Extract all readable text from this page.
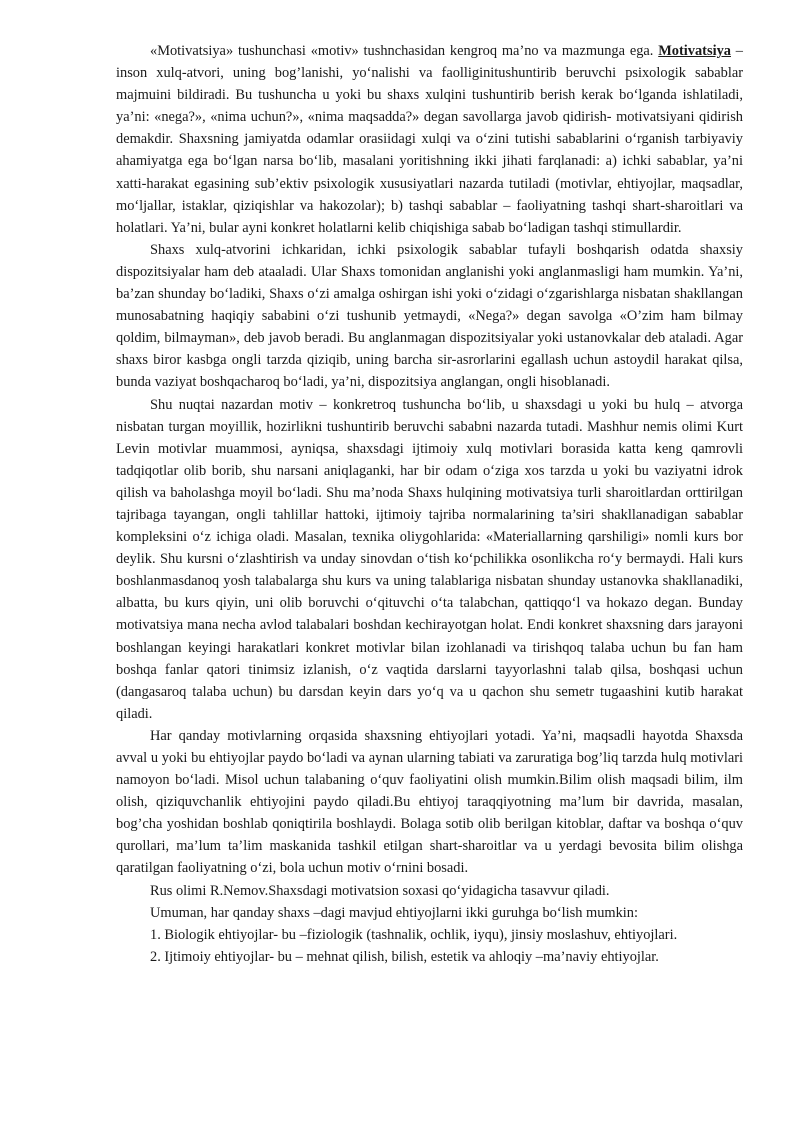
«Motivatsiya» tushunchasi «motiv» tushnchasidan kengroq ma’no va mazmunga ega. Motivatsiya – inson xulq-atvori, uning bog’lanishi, yo‘nalishi va faolliginitushuntirib beruvchi psixologik sabablar majmuini bildiradi. Bu tushuncha u yoki bu shaxs xulqini tushuntirib berish kerak bo‘lganda ishlatiladi, ya’ni: «nega?», «nima uchun?», «nima maqsadda?» degan savollarga javob qidirish- motivatsiyani qidirish demakdir. Shaxsning jamiyatda odamlar orasiidagi xulqi va o‘zini tutishi sabablarini o‘rganish tarbiyaviy ahamiyatga ega bo‘lgan narsa bo‘lib, masalani yoritishning ikki jihati farqlanadi: a) ichki sabablar, ya’ni xatti-harakat egasining sub’ektiv psixologik xususiyatlari nazarda tutiladi (motivlar, ehtiyojlar, maqsadlar, mo‘ljallar, istaklar, qiziqishlar va hakozolar); b) tashqi sabablar – faoliyatning tashqi shart-sharoitlari va holatlari. Ya’ni, bular ayni konkret holatlarni kelib chiqishiga sabab bo‘ladigan tashqi stimullardir.

Shaxs xulq-atvorini ichkaridan, ichki psixologik sabablar tufayli boshqarish odatda shaxsiy dispozitsiyalar ham deb ataaladi. Ular Shaxs tomonidan anglanishi yoki anglanmasligi ham mumkin. Ya’ni, ba’zan shunday bo‘ladiki, Shaxs o‘zi amalga oshirgan ishi yoki o‘zidagi o‘zgarishlarga nisbatan shakllangan munosabatning haqiqiy sababini o‘zi tushunib yetmaydi, «Nega?» degan savolga «O’zim ham bilmay qoldim, bilmayman», deb javob beradi. Bu anglanmagan dispozitsiyalar yoki ustanovkalar deb ataladi. Agar shaxs biror kasbga ongli tarzda qiziqib, uning barcha sir-asrorlarini egallash uchun astoydil harakat qilsa, bunda vaziyat boshqacharoq bo‘ladi, ya’ni, dispozitsiya anglangan, ongli hisoblanadi.

Shu nuqtai nazardan motiv – konkretroq tushuncha bo‘lib, u shaxsdagi u yoki bu hulq – atvorga nisbatan turgan moyillik, hozirlikni tushuntirib beruvchi sababni nazarda tutadi. Mashhur nemis olimi Kurt Levin motivlar muammosi, ayniqsa, shaxsdagi ijtimoiy xulq motivlari borasida katta keng qamrovli tadqiqotlar olib borib, shu narsani aniqlaganki, har bir odam o‘ziga xos tarzda u yoki bu vaziyatni idrok qilish va baholashga moyil bo‘ladi. Shu ma’noda Shaxs hulqining motivatsiya turli sharoitlardan orttirilgan tajribaga tayangan, ongli tahlillar hattoki, ijtimoiy tajriba normalarining ta’siri shakllanadigan sabablar kompleksini o‘z ichiga oladi. Masalan, texnika oliygohlarida: «Materiallarning qarshiligi» nomli kurs bor deylik. Shu kursni o‘zlashtirish va unday sinovdan o‘tish ko‘pchilikka osonlikcha ro‘y bermaydi. Hali kurs boshlanmasdanoq yosh talabalarga shu kurs va uning talablariga nisbatan shunday ustanovka shakllanadiki, albatta, bu kurs qiyin, uni olib boruvchi o‘qituvchi o‘ta talabchan, qattiqqo‘l va hokazo degan. Bunday motivatsiya mana necha avlod talabalari boshdan kechirayotgan holat. Endi konkret shaxsning dars jarayoni boshlangan keyingi harakatlari konkret motivlar bilan izohlanadi va tirishqoq talaba uchun bu fan ham boshqa fanlar qatori tinimsiz izlanish, o‘z vaqtida darslarni tayyorlashni talab qilsa, boshqasi uchun (dangasaroq talaba uchun) bu darsdan keyin dars yo‘q va u qachon shu semetr tugaashini kutib harakat qiladi.

Har qanday motivlarning orqasida shaxsning ehtiyojlari yotadi. Ya’ni, maqsadli hayotda Shaxsda avval u yoki bu ehtiyojlar paydo bo‘ladi va aynan ularning tabiati va zaruratiga bog’liq tarzda hulq motivlari namoyon bo‘ladi. Misol uchun talabaning o‘quv faoliyatini olish mumkin.Bilim olish maqsadi bilim, ilm olish, qiziquvchanlik ehtiyojini paydo qiladi.Bu ehtiyoj taraqqiyotning ma’lum bir davrida, masalan, bog’cha yoshidan boshlab qoniqtirila boshlaydi. Bolaga sotib olib berilgan kitoblar, daftar va boshqa o‘quv qurollari, ma’lum ta’lim maskanida tashkil etilgan shart-sharoitlar va u yerdagi bevosita bilim olishga qaratilgan faoliyatning o‘zi, bola uchun motiv o‘rnini bosadi.

Rus olimi R.Nemov.Shaxsdagi motivatsion soxasi qo‘yidagicha tasavvur qiladi.

Umuman, har qanday shaxs –dagi mavjud ehtiyojlarni ikki guruhga bo‘lish mumkin:

1. Biologik ehtiyojlar- bu –fiziologik (tashnalik, ochlik, iyqu), jinsiy moslashuv, ehtiyojlari.

2. Ijtimoiy ehtiyojlar- bu – mehnat qilish, bilish, estetik va ahloqiy –ma’naviy ehtiyojlar.
